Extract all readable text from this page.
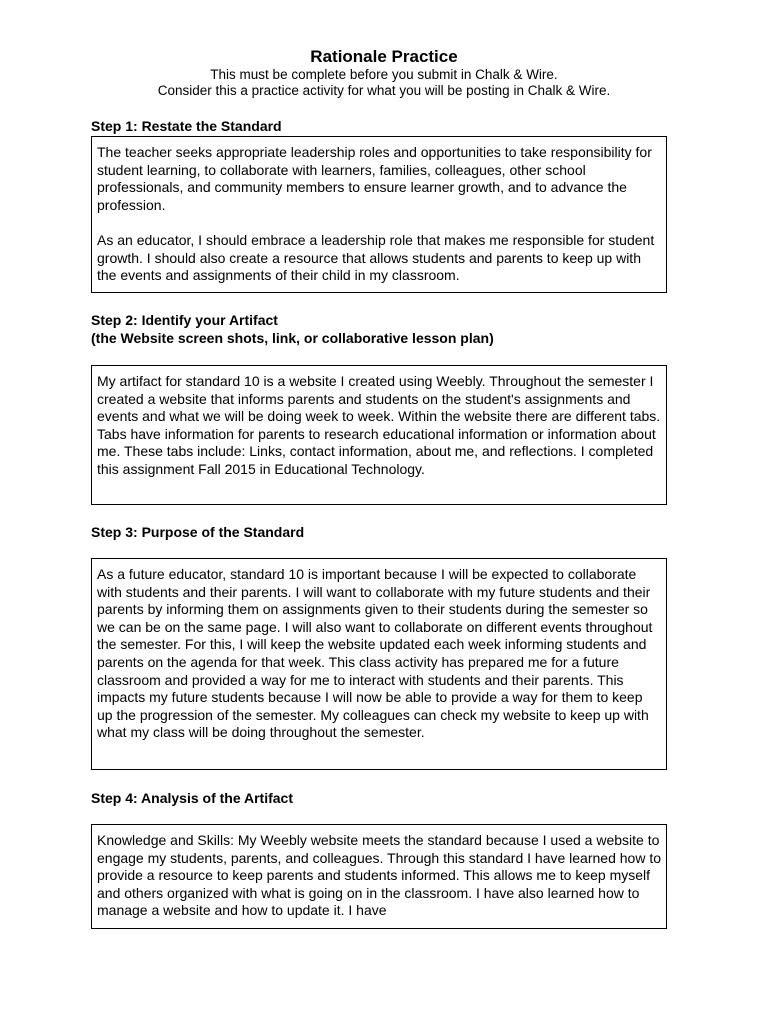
Rationale Practice
This must be complete before you submit in Chalk & Wire.
Consider this a practice activity for what you will be posting in Chalk & Wire.
Step 1: Restate the Standard

The teacher seeks appropriate leadership roles and opportunities to take responsibility for student learning, to collaborate with learners, families, colleagues, other school professionals, and community members to ensure learner growth, and to advance the profession.

As an educator, I should embrace a leadership role that makes me responsible for student growth. I should also create a resource that allows students and parents to keep up with the events and assignments of their child in my classroom.

Step 2: Identify your Artifact
(the Website screen shots, link, or collaborative lesson plan)

My artifact for standard 10 is a website I created using Weebly. Throughout the semester I created a website that informs parents and students on the student's assignments and events and what we will be doing week to week. Within the website there are different tabs. Tabs have information for parents to research educational information or information about me. These tabs include: Links, contact information, about me, and reflections. I completed this assignment Fall 2015 in Educational Technology.

Step 3: Purpose of the Standard

As a future educator, standard 10 is important because I will be expected to collaborate with students and their parents. I will want to collaborate with my future students and their parents by informing them on assignments given to their students during the semester so we can be on the same page. I will also want to collaborate on different events throughout the semester. For this, I will keep the website updated each week informing students and parents on the agenda for that week. This class activity has prepared me for a future classroom and provided a way for me to interact with students and their parents. This impacts my future students because I will now be able to provide a way for them to keep up the progression of the semester. My colleagues can check my website to keep up with what my class will be doing throughout the semester.

Step 4: Analysis of the Artifact

Knowledge and Skills: My Weebly website meets the standard because I used a website to engage my students, parents, and colleagues. Through this standard I have learned how to provide a resource to keep parents and students informed. This allows me to keep myself and others organized with what is going on in the classroom. I have also learned how to manage a website and how to update it. I have
